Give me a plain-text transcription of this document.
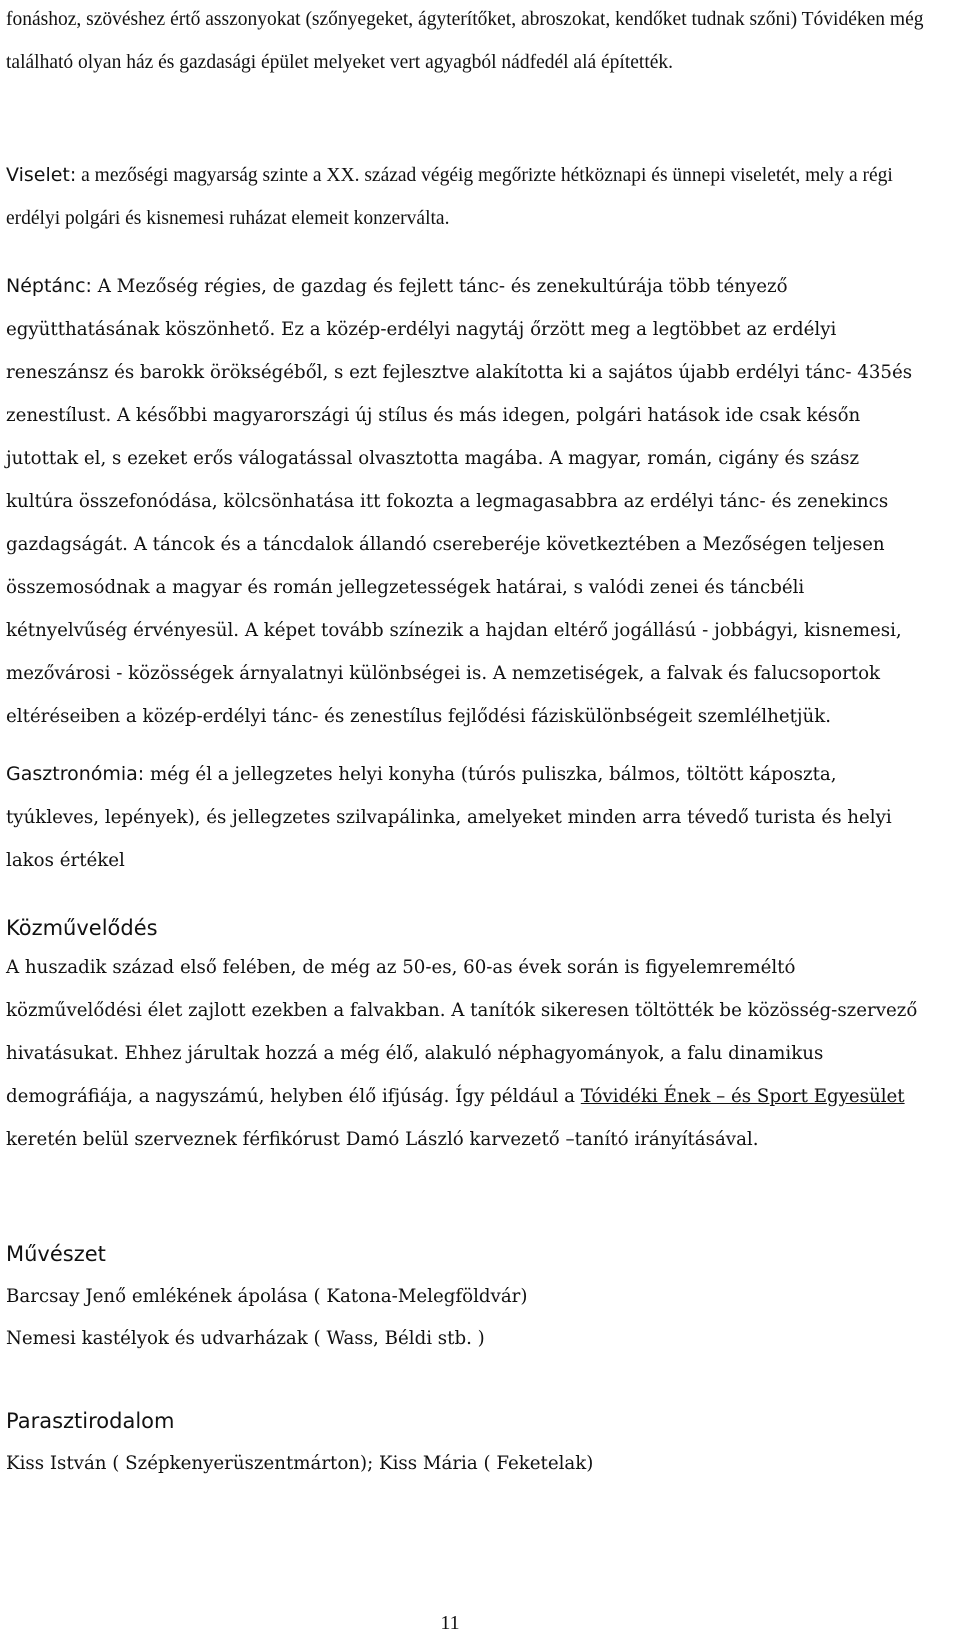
fonáshoz, szövéshez értő asszonyokat (szőnyegeket, ágyterítőket, abroszokat, kendőket tudnak szőni) Tóvidéken még található olyan ház és gazdasági épület melyeket vert agyagból nádfedél alá építették.

Viselet: a mezőségi magyarság szinte a XX. század végéig megőrizte hétköznapi és ünnepi viseletét, mely a régi erdélyi polgári és kisnemesi ruházat elemeit konzerválta.

Néptánc: A Mezőség régies, de gazdag és fejlett tánc- és zenekultúrája több tényező együtthatásának köszönhető. Ez a közép-erdélyi nagytáj őrzött meg a legtöbbet az erdélyi reneszánsz és barokk örökségéből, s ezt fejlesztve alakította ki a sajátos újabb erdélyi tánc- 435és zenestílust. A későbbi magyarországi új stílus és más idegen, polgári hatások ide csak későn jutottak el, s ezeket erős válogatással olvasztotta magába. A magyar, román, cigány és szász kultúra összefonódása, kölcsönhatása itt fokozta a legmagasabbra az erdélyi tánc- és zenekincs gazdagságát. A táncok és a táncdalok állandó csereberéje következtében a Mezőségen teljesen összemosódnak a magyar és román jellegzetességek határai, s valódi zenei és táncbéli kétnyelvűség érvényesül. A képet tovább színezik a hajdan eltérő jogállású - jobbágyi, kisnemesi, mezővárosi - közösségek árnyalatnyi különbségei is. A nemzetiségek, a falvak és falucsoportok eltéréseiben a közép-erdélyi tánc- és zenestílus fejlődési fáziskülönbségeit szemlélhetjük.

Gasztronómia: még él a jellegzetes helyi konyha (túrós puliszka, bálmos, töltött káposzta, tyúkleves, lepények), és jellegzetes szilvapálinka, amelyeket minden arra tévedő turista és helyi lakos értékel

Közművelődés

A huszadik század első felében, de még az 50-es, 60-as évek során is figyelemreméltó közművelődési élet zajlott ezekben a falvakban. A tanítók sikeresen töltötték be közösség-szervező hivatásukat. Ehhez járultak hozzá a még élő, alakuló néphagyományok, a falu dinamikus demográfiája, a nagyszámú, helyben élő ifjúság. Így például a Tóvidéki Ének – és Sport Egyesület keretén belül szerveznek férfikórust Damó László karvezető –tanító irányításával.

Művészet

Barcsay Jenő emlékének ápolása ( Katona-Melegföldvár)

Nemesi kastélyok és udvarházak ( Wass, Béldi stb. )

Parasztirodalom

Kiss István ( Szépkenyerüszentmárton); Kiss Mária ( Feketelak)

11
